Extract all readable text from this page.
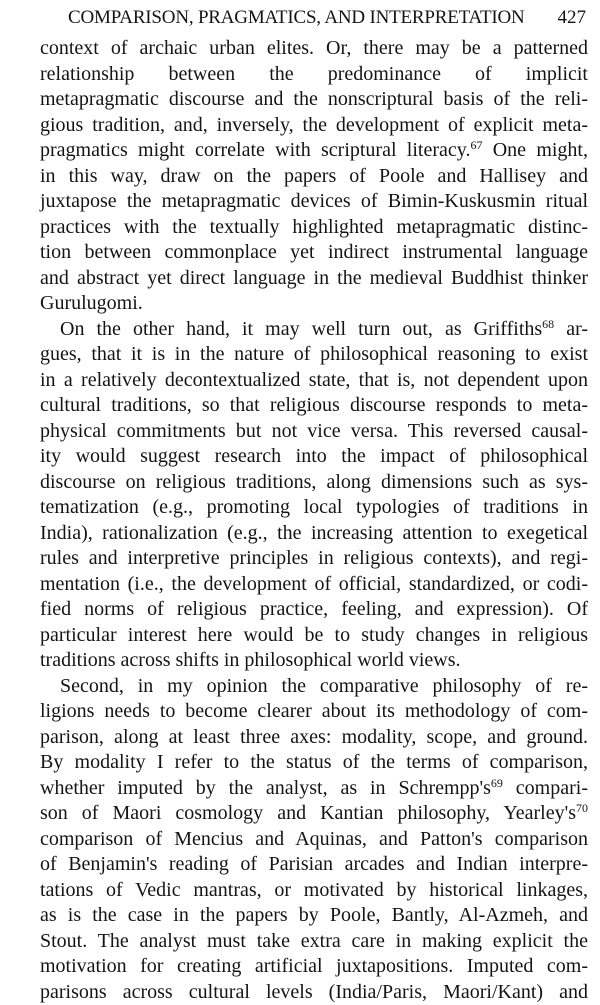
COMPARISON, PRAGMATICS, AND INTERPRETATION 427
context of archaic urban elites. Or, there may be a patterned
relationship between the predominance of implicit
metapragmatic discourse and the nonscriptural basis of the reli-
gious tradition, and, inversely, the development of explicit meta-
pragmatics might correlate with scriptural literacy.$^{67}$ One might,
in this way, draw on the papers of Poole and Hallisey and
juxtapose the metapragmatic devices of Bimin-Kuskusmin ritual
practices with the textually highlighted metapragmatic distinc-
tion between commonplace yet indirect instrumental language
and abstract yet direct language in the medieval Buddhist thinker
Gurulugomi.
On the other hand, it may well turn out, as Griffiths$^{68}$ ar-
gues, that it is in the nature of philosophical reasoning to exist
in a relatively decontextualized state, that is, not dependent upon
cultural traditions, so that religious discourse responds to meta-
physical commitments but not vice versa. This reversed causal-
ity would suggest research into the impact of philosophical
discourse on religious traditions, along dimensions such as sys-
tematization (e.g., promoting local typologies of traditions in
India), rationalization (e.g., the increasing attention to exegetical
rules and interpretive principles in religious contexts), and regi-
mentation (i.e., the development of official, standardized, or codi-
fied norms of religious practice, feeling, and expression). Of
particular interest here would be to study changes in religious
traditions across shifts in philosophical world views.
Second, in my opinion the comparative philosophy of re-
ligions needs to become clearer about its methodology of com-
parison, along at least three axes: modality, scope, and ground.
By modality I refer to the status of the terms of comparison,
whether imputed by the analyst, as in $Schrempp's^{69}$ compari-
son of Maori cosmology and Kantian philosophy, $Yearley's^{70}$
comparison of Mencius and Aquinas, and Patton's comparison
of Benjamin's reading of Parisian arcades and Indian interpre-
tations of Vedic mantras, or motivated by historical linkages,
as is the case in the papers by Poole, Bantly, Al-Azmeh, and
Stout. The analyst must take extra care in making explicit the
motivation for creating artificial juxtapositions. Imputed com-
parisons across cultural levels (India/Paris, Maori/Kant) and
